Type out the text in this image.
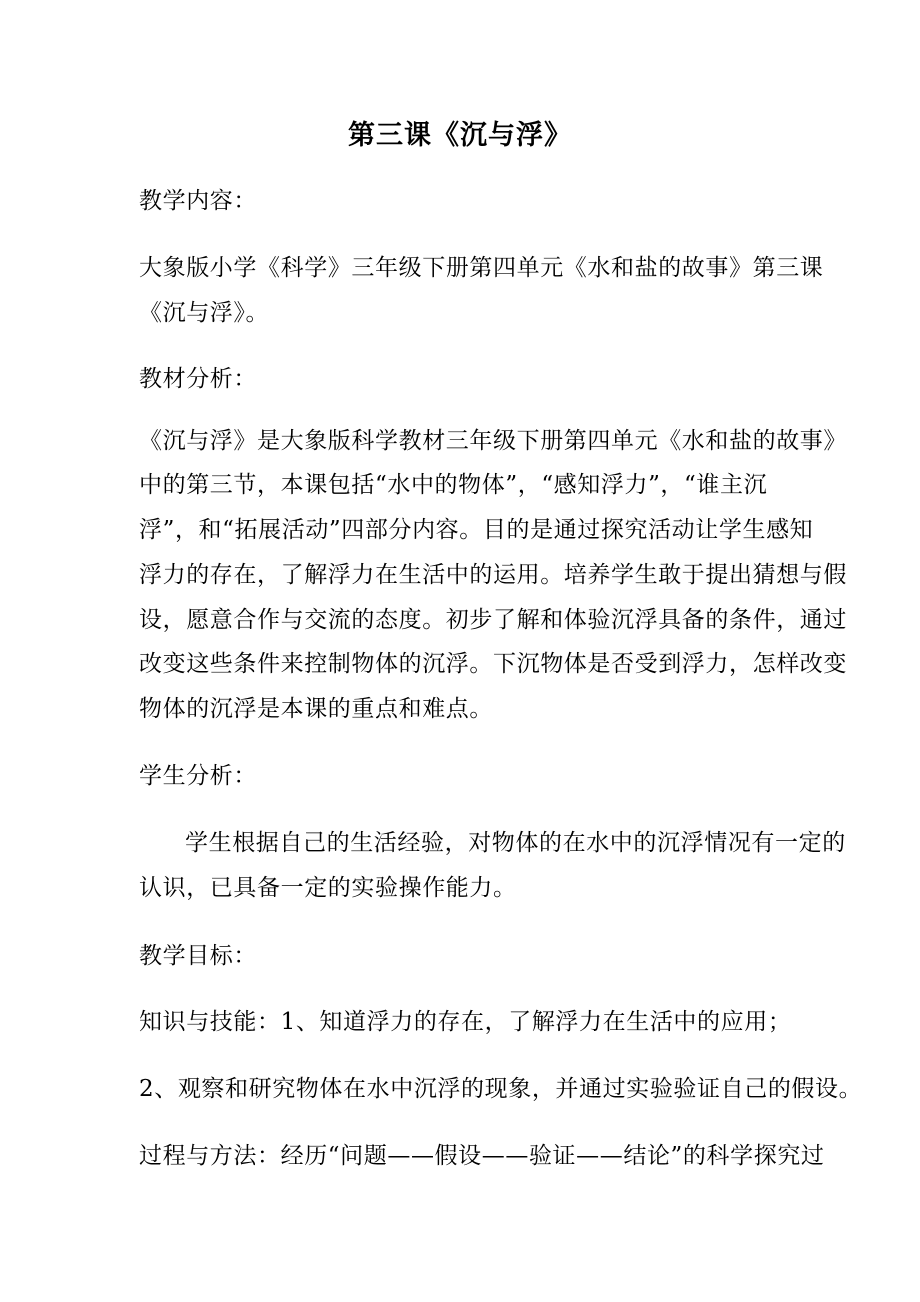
第三课《沉与浮》
教学内容：
大象版小学《科学》三年级下册第四单元《水和盐的故事》第三课
《沉与浮》。
教材分析：
《沉与浮》是大象版科学教材三年级下册第四单元《水和盐的故事》
中的第三节，本课包括“水中的物体”，“感知浮力”，“谁主沉
浮”，和“拓展活动”四部分内容。目的是通过探究活动让学生感知
浮力的存在，了解浮力在生活中的运用。培养学生敢于提出猜想与假
设，愿意合作与交流的态度。初步了解和体验沉浮具备的条件，通过
改变这些条件来控制物体的沉浮。下沉物体是否受到浮力，怎样改变
物体的沉浮是本课的重点和难点。
学生分析：
学生根据自己的生活经验，对物体的在水中的沉浮情况有一定的
认识，已具备一定的实验操作能力。
教学目标：
知识与技能：1、知道浮力的存在，了解浮力在生活中的应用；
2、观察和研究物体在水中沉浮的现象，并通过实验验证自己的假设。
过程与方法：经历“问题——假设——验证——结论”的科学探究过
